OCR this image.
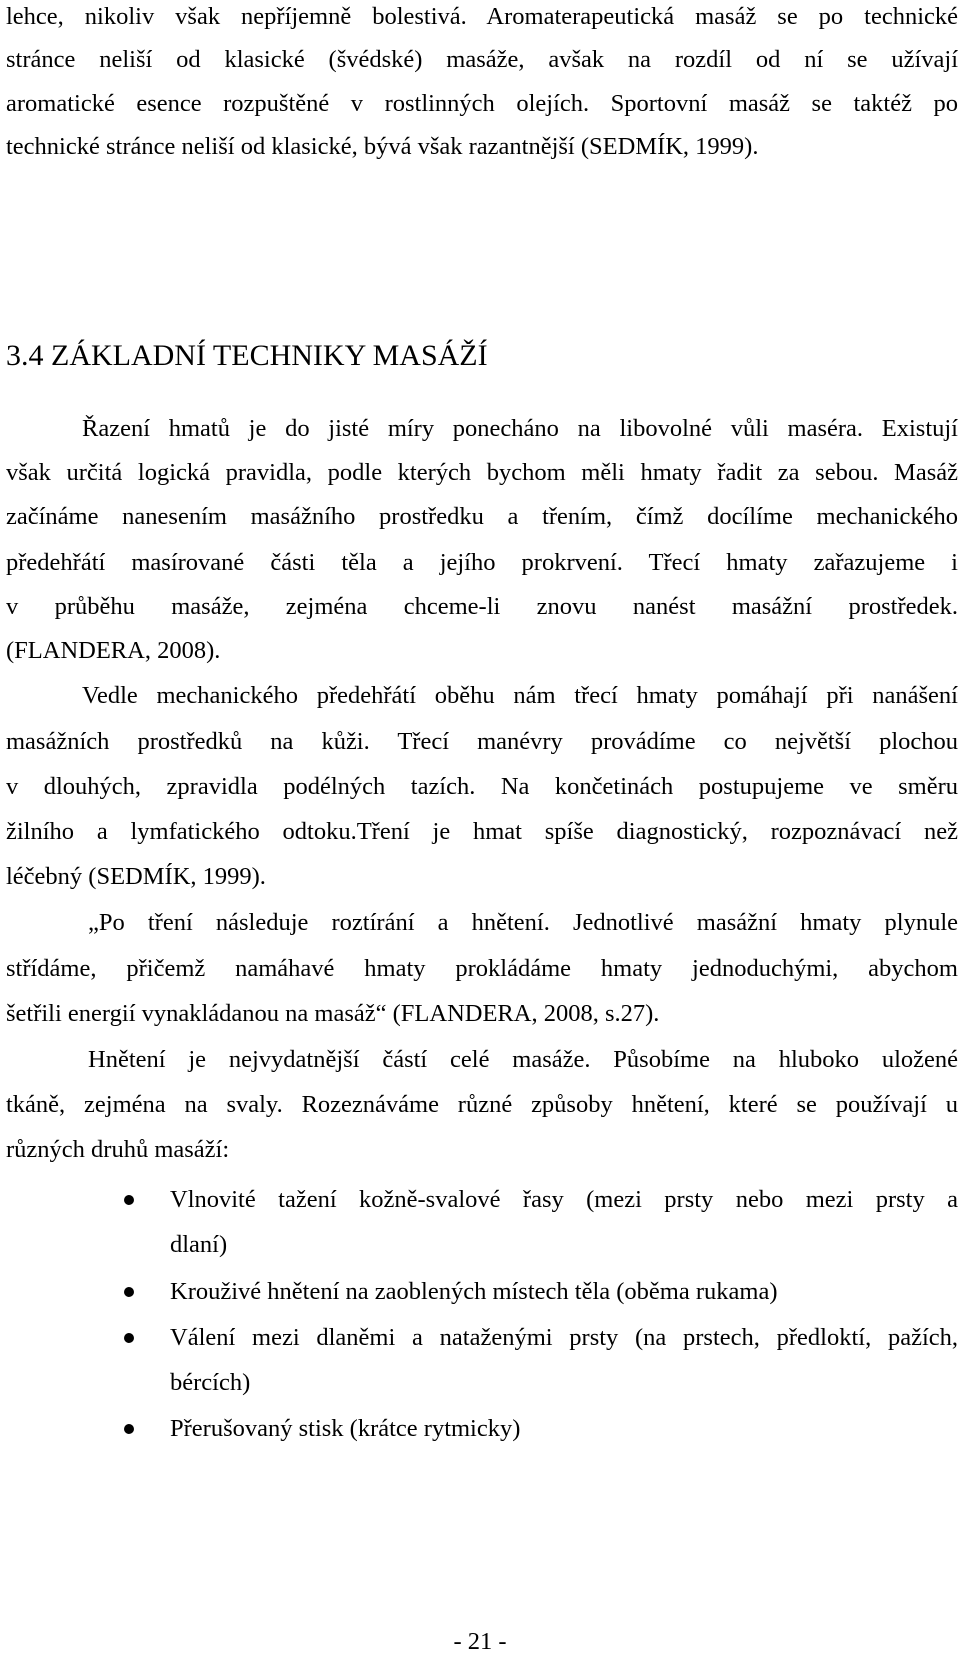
lehce, nikoliv však nepříjemně bolestivá. Aromaterapeutická masáž se po technické
stránce neliší od klasické (švédské) masáže, avšak na rozdíl od ní se užívají
aromatické esence rozpuštěné v rostlinných olejích. Sportovní masáž se taktéž po
technické stránce neliší od klasické, bývá však razantnější (SEDMÍK, 1999).
3.4 ZÁKLADNÍ TECHNIKY MASÁŽÍ
Řazení hmatů je do jisté míry ponecháno na libovolné vůli maséra. Existují
však určitá logická pravidla, podle kterých bychom měli hmaty řadit za sebou. Masáž
začínáme nanesením masážního prostředku a třením, čímž docílíme mechanického
předehřátí masírované části těla a jejího prokrvení. Třecí hmaty zařazujeme i
v průběhu masáže, zejména chceme-li znovu nanést masážní prostředek.
(FLANDERA, 2008).
Vedle mechanického předehřátí oběhu nám třecí hmaty pomáhají při nanášení
masážních prostředků na kůži. Třecí manévry provádíme co největší plochou
v dlouhých, zpravidla podélných tazích. Na končetinách postupujeme ve směru
žilního a lymfatického odtoku.Tření je hmat spíše diagnostický, rozpoznávací než
léčebný (SEDMÍK, 1999).
„Po tření následuje roztírání a hnětení. Jednotlivé masážní hmaty plynule
střídáme, přičemž namáhavé hmaty prokládáme hmaty jednoduchými, abychom
šetřili energií vynakládanou na masáž“ (FLANDERA, 2008, s.27).
Hnětení je nejvydatnější částí celé masáže. Působíme na hluboko uložené
tkáně, zejména na svaly. Rozeznáváme různé způsoby hnětení, které se používají u
různých druhů masáží:
Vlnovité tažení kožně-svalové řasy (mezi prsty nebo mezi prsty a
dlaní)
Krouživé hnětení na zaoblených místech těla (oběma rukama)
Válení mezi dlaněmi a nataženými prsty (na prstech, předloktí, pažích,
bércích)
Přerušovaný stisk (krátce rytmicky)
- 21 -
